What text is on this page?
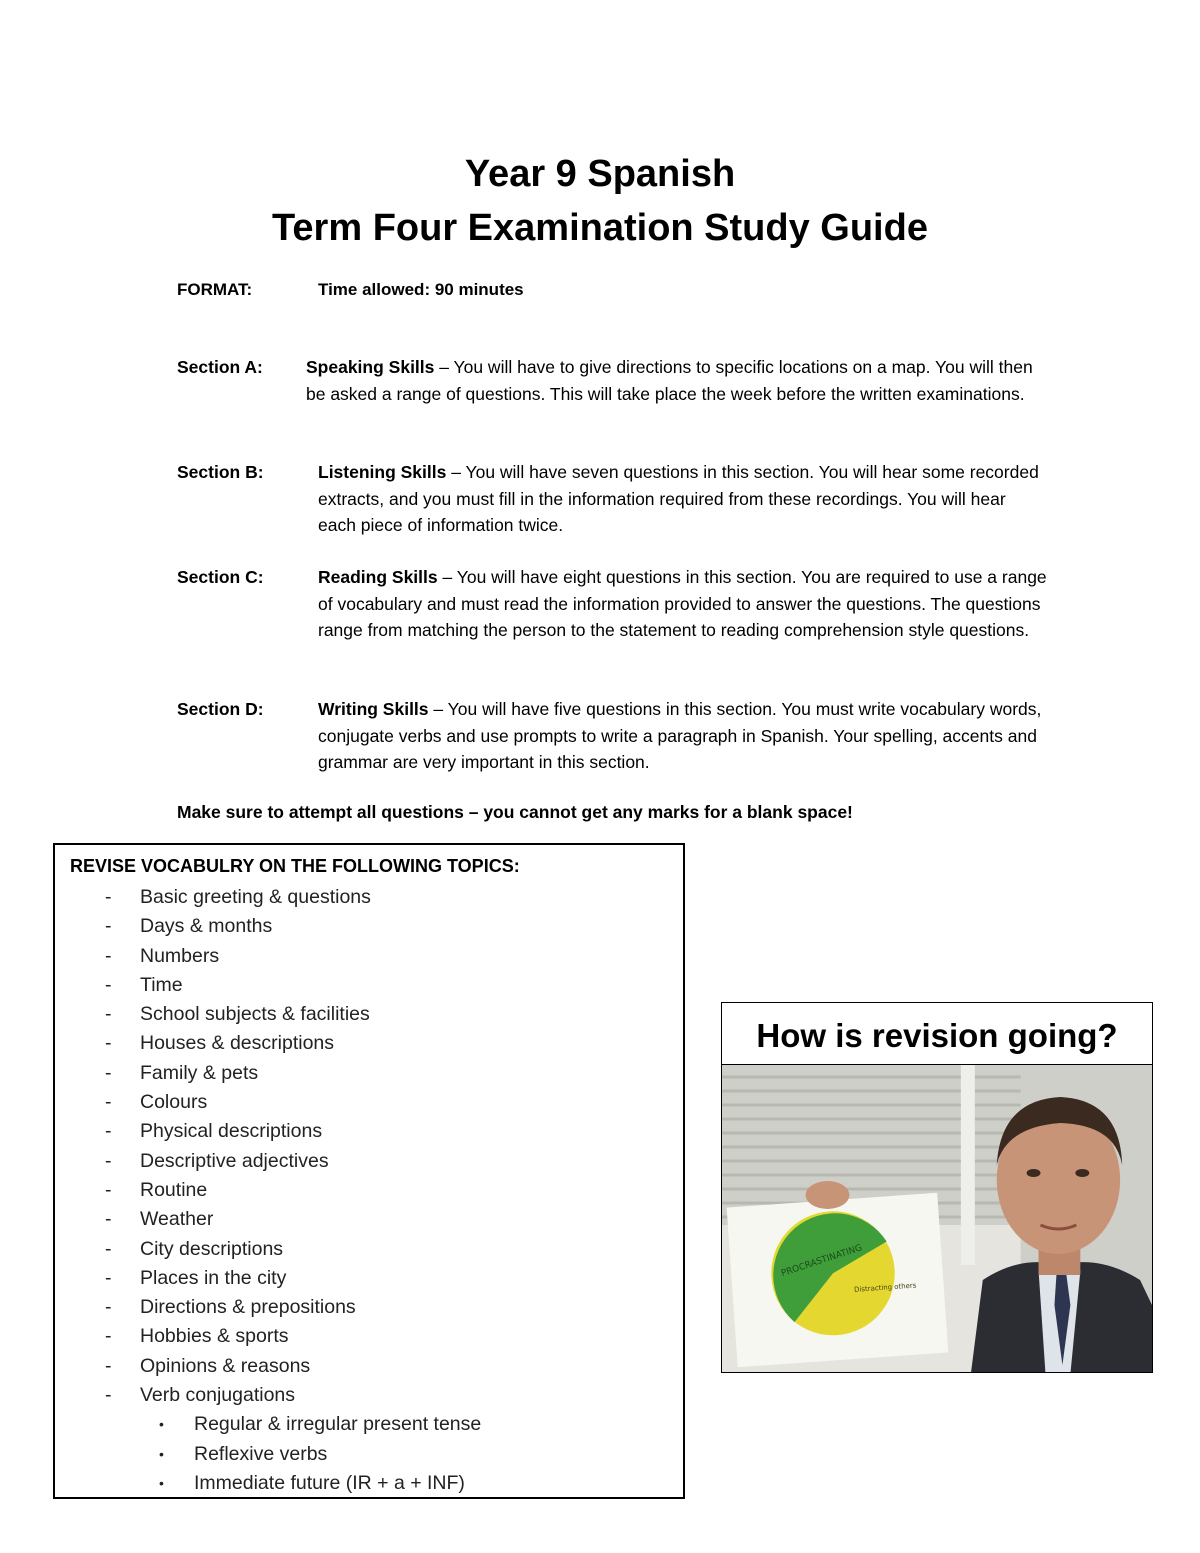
Year 9 Spanish
Term Four Examination Study Guide
FORMAT:	Time allowed: 90 minutes
Section A: Speaking Skills – You will have to give directions to specific locations on a map. You will then be asked a range of questions. This will take place the week before the written examinations.
Section B:	Listening Skills – You will have seven questions in this section. You will hear some recorded extracts, and you must fill in the information required from these recordings. You will hear each piece of information twice.
Section C:	Reading Skills – You will have eight questions in this section. You are required to use a range of vocabulary and must read the information provided to answer the questions. The questions range from matching the person to the statement to reading comprehension style questions.
Section D:	Writing Skills – You will have five questions in this section. You must write vocabulary words, conjugate verbs and use prompts to write a paragraph in Spanish. Your spelling, accents and grammar are very important in this section.
Make sure to attempt all questions – you cannot get any marks for a blank space!
REVISE VOCABULRY ON THE FOLLOWING TOPICS:
- Basic greeting & questions
- Days & months
- Numbers
- Time
- School subjects & facilities
- Houses & descriptions
- Family & pets
- Colours
- Physical descriptions
- Descriptive adjectives
- Routine
- Weather
- City descriptions
- Places in the city
- Directions & prepositions
- Hobbies & sports
- Opinions & reasons
- Verb conjugations
• Regular & irregular present tense
• Reflexive verbs
• Immediate future (IR + a + INF)
How is revision going?
PROCRASTINATING
Distracting others
